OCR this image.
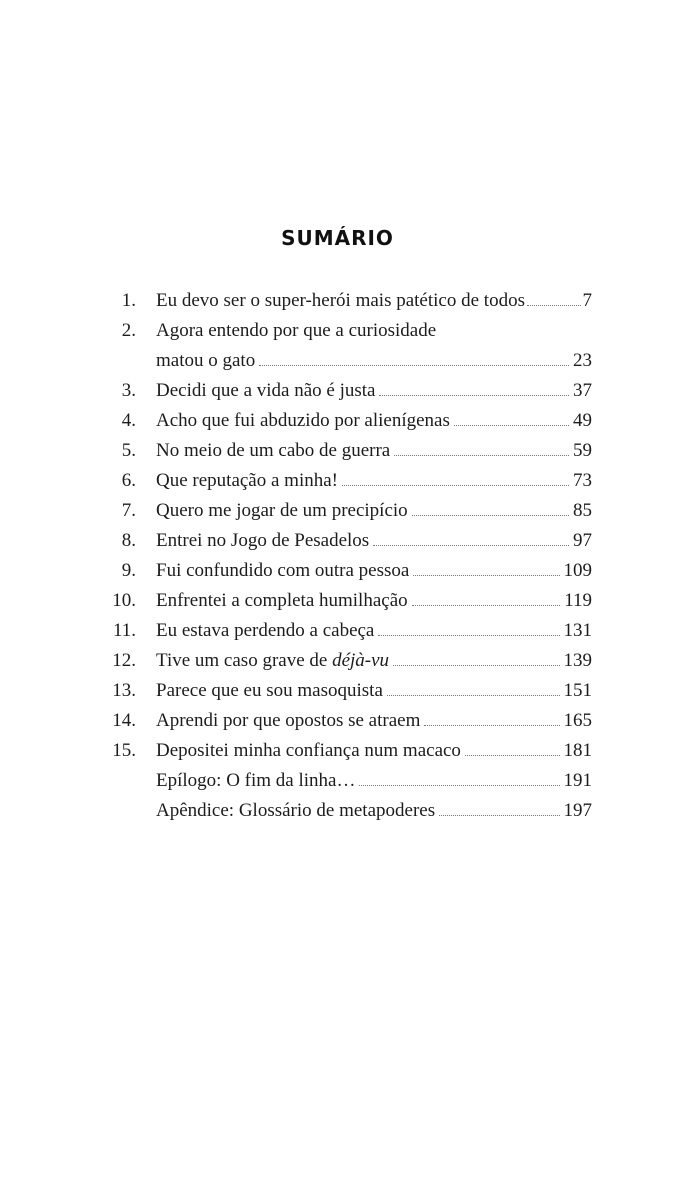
SUMÁRIO
1. Eu devo ser o super-herói mais patético de todos	7
2. Agora entendo por que a curiosidade
matou o gato	23
3. Decidi que a vida não é justa	37
4. Acho que fui abduzido por alienígenas	49
5. No meio de um cabo de guerra	59
6. Que reputação a minha!	73
7. Quero me jogar de um precipício	85
8. Entrei no Jogo de Pesadelos	97
9. Fui confundido com outra pessoa	109
10. Enfrentei a completa humilhação	119
11. Eu estava perdendo a cabeça	131
12. Tive um caso grave de déjà-vu	139
13. Parece que eu sou masoquista	151
14. Aprendi por que opostos se atraem	165
15. Depositei minha confiança num macaco	181
Epílogo: O fim da linha…	191
Apêndice: Glossário de metapoderes	197
